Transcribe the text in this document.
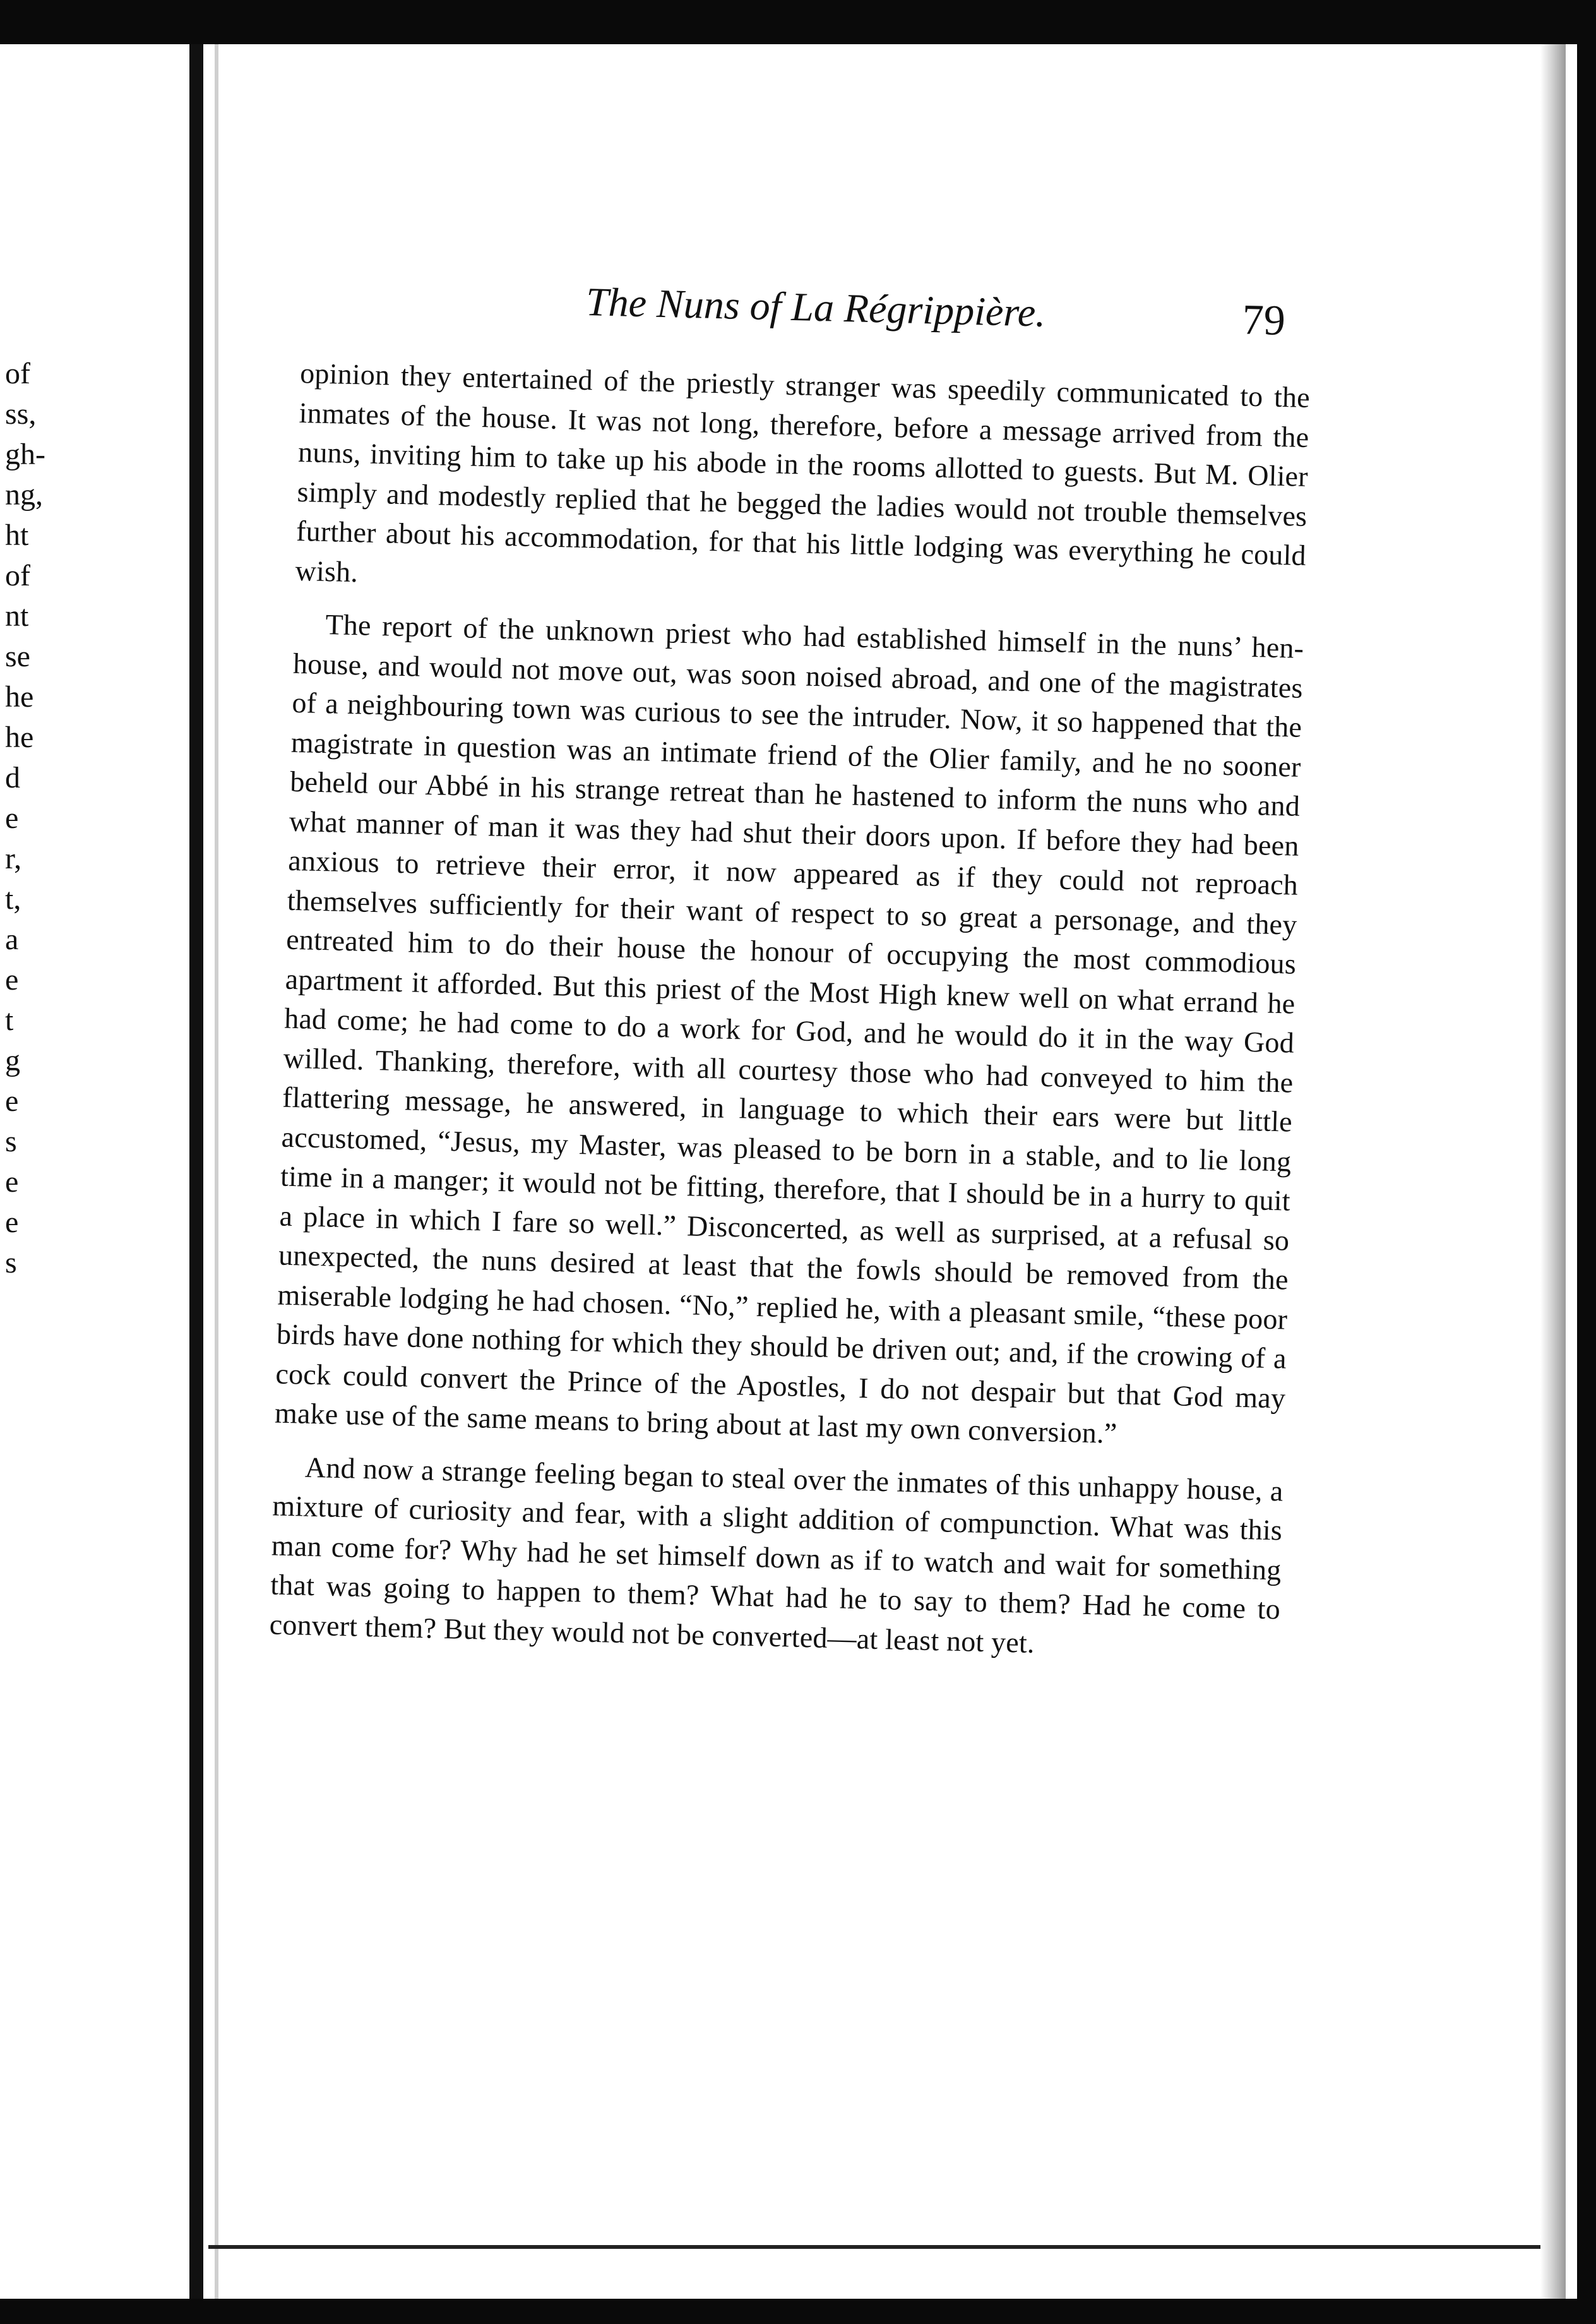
of
ss,
gh-
ng,
ht
of
nt
se
he
he
d
e
r,
t,
a
e
t
g
e
s
e
e
s
The Nuns of La Régrippière.	79

opinion they entertained of the priestly stranger was speedily communicated to the inmates of the house. It was not long, therefore, before a message arrived from the nuns, inviting him to take up his abode in the rooms allotted to guests. But M. Olier simply and modestly replied that he begged the ladies would not trouble themselves further about his accommodation, for that his little lodging was everything he could wish.

The report of the unknown priest who had established himself in the nuns’ hen-house, and would not move out, was soon noised abroad, and one of the magistrates of a neighbouring town was curious to see the intruder. Now, it so happened that the magistrate in question was an intimate friend of the Olier family, and he no sooner beheld our Abbé in his strange retreat than he hastened to inform the nuns who and what manner of man it was they had shut their doors upon. If before they had been anxious to retrieve their error, it now appeared as if they could not reproach themselves sufficiently for their want of respect to so great a personage, and they entreated him to do their house the honour of occupying the most commodious apartment it afforded. But this priest of the Most High knew well on what errand he had come; he had come to do a work for God, and he would do it in the way God willed. Thanking, therefore, with all courtesy those who had conveyed to him the flattering message, he answered, in language to which their ears were but little accustomed, “Jesus, my Master, was pleased to be born in a stable, and to lie long time in a manger; it would not be fitting, therefore, that I should be in a hurry to quit a place in which I fare so well.” Disconcerted, as well as surprised, at a refusal so unexpected, the nuns desired at least that the fowls should be removed from the miserable lodging he had chosen. “No,” replied he, with a pleasant smile, “these poor birds have done nothing for which they should be driven out; and, if the crowing of a cock could convert the Prince of the Apostles, I do not despair but that God may make use of the same means to bring about at last my own conversion.”

And now a strange feeling began to steal over the inmates of this unhappy house, a mixture of curiosity and fear, with a slight addition of compunction. What was this man come for? Why had he set himself down as if to watch and wait for something that was going to happen to them? What had he to say to them? Had he come to convert them? But they would not be converted—at least not yet.
